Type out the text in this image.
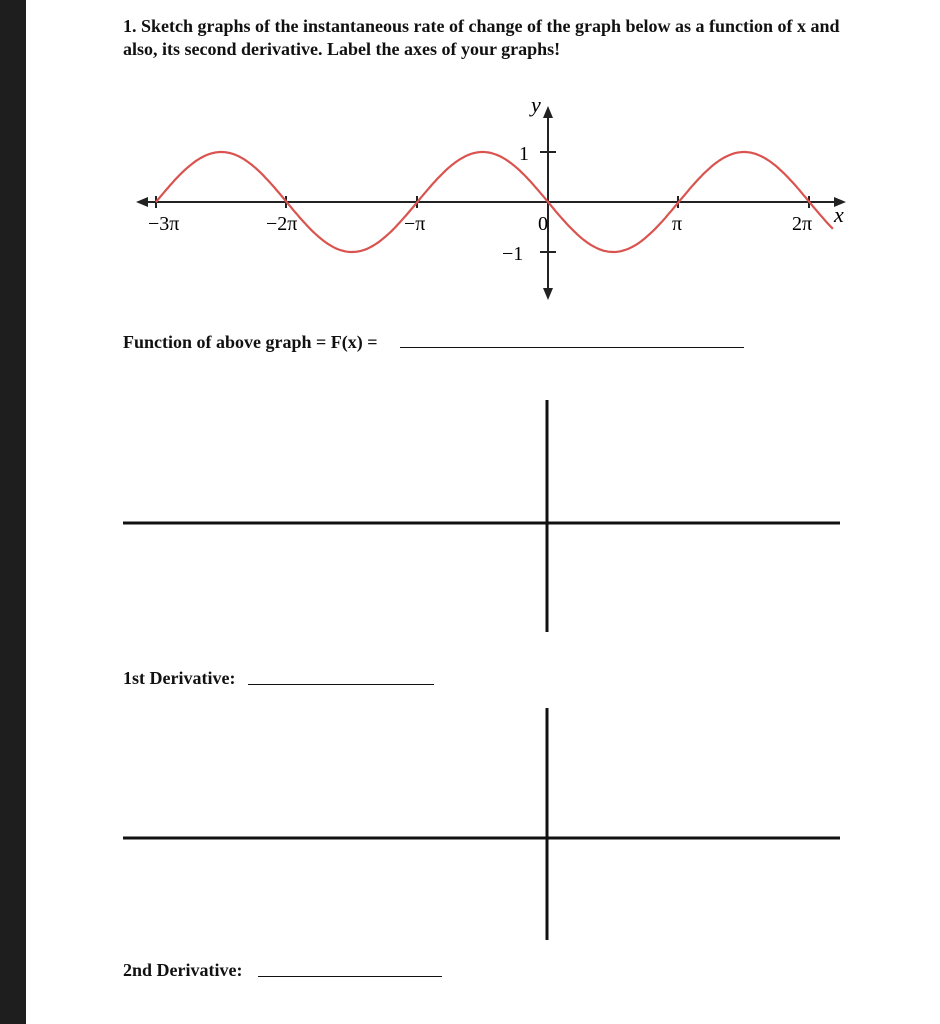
1. Sketch graphs of the instantaneous rate of change of the graph below as a function of x and
also, its second derivative. Label the axes of your graphs!
y
x
1
−1
−3π	−2π	−π	0	π	2π
Function of above graph = F(x) =
1st Derivative:
2nd Derivative:
